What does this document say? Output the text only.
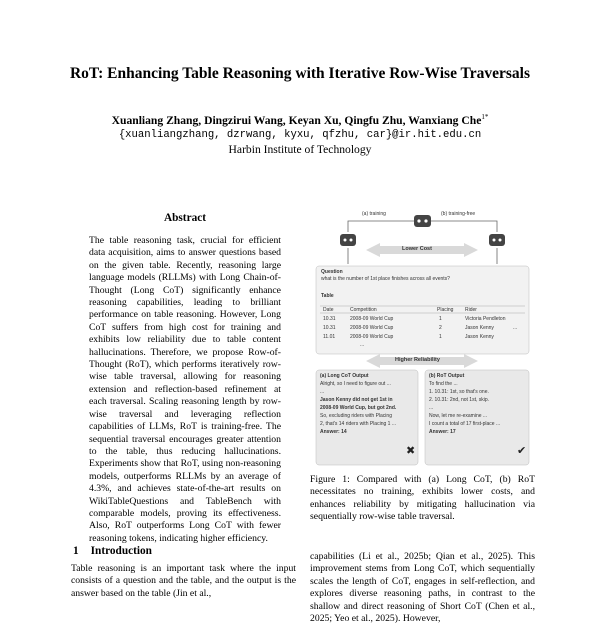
RoT: Enhancing Table Reasoning with Iterative Row-Wise Traversals
Xuanliang Zhang, Dingzirui Wang, Keyan Xu, Qingfu Zhu, Wanxiang Che$^{1*}$
{xuanliangzhang, dzrwang, kyxu, qfzhu, car}@ir.hit.edu.cn
Harbin Institute of Technology
Abstract
The table reasoning task, crucial for efficient data acquisition, aims to answer questions based on the given table. Recently, reasoning large language models (RLLMs) with Long Chain-of-Thought (Long CoT) significantly enhance reasoning capabilities, leading to brilliant performance on table reasoning. However, Long CoT suffers from high cost for training and exhibits low reliability due to table content hallucinations. Therefore, we propose Row-of-Thought (RoT), which performs iteratively row-wise table traversal, allowing for reasoning extension and reflection-based refinement at each traversal. Scaling reasoning length by row-wise traversal and leveraging reflection capabilities of LLMs, RoT is training-free. The sequential traversal encourages greater attention to the table, thus reducing hallucinations. Experiments show that RoT, using non-reasoning models, outperforms RLLMs by an average of 4.3%, and achieves state-of-the-art results on WikiTableQuestions and TableBench with comparable models, proving its effectiveness. Also, RoT outperforms Long CoT with fewer reasoning tokens, indicating higher efficiency.
1 Introduction
Table reasoning is an important task where the input consists of a question and the table, and the output is the answer based on the table (Jin et al.,
(a) training	(b) training-free
Lower Cost
Question
what is the number of 1st place finishes across all events?
Table
Date	Competition	Placing Rider
10.31	2008-09 World Cup	1	Victoria Pendleton
10.31	2008-09 World Cup	2	Jason Kenny	...
11.01	2008-09 World Cup	1	Jason Kenny
...
Higher Reliability
(a) Long CoT Output
Alright, so I need to figure out ...
...
Jason Kenny did not get 1st in
2008-09 World Cup, but got 2nd.
So, excluding riders with Placing
2, that's 14 riders with Placing 1 ...
Answer: 14
✖
(b) RoT Output
To find the ...
1. 10.31: 1st, so that's one.
2. 10.31: 2nd, not 1st, skip.
...
Now, let me re-examine ...
I count a total of 17 first-place ...
Answer: 17
✔
Figure 1: Compared with (a) Long CoT, (b) RoT necessitates no training, exhibits lower costs, and enhances reliability by mitigating hallucination via sequentially row-wise table traversal.
capabilities (Li et al., 2025b; Qian et al., 2025). This improvement stems from Long CoT, which sequentially scales the length of CoT, engages in self-reflection, and explores diverse reasoning paths, in contrast to the shallow and direct reasoning of Short CoT (Chen et al., 2025; Yeo et al., 2025). However,
